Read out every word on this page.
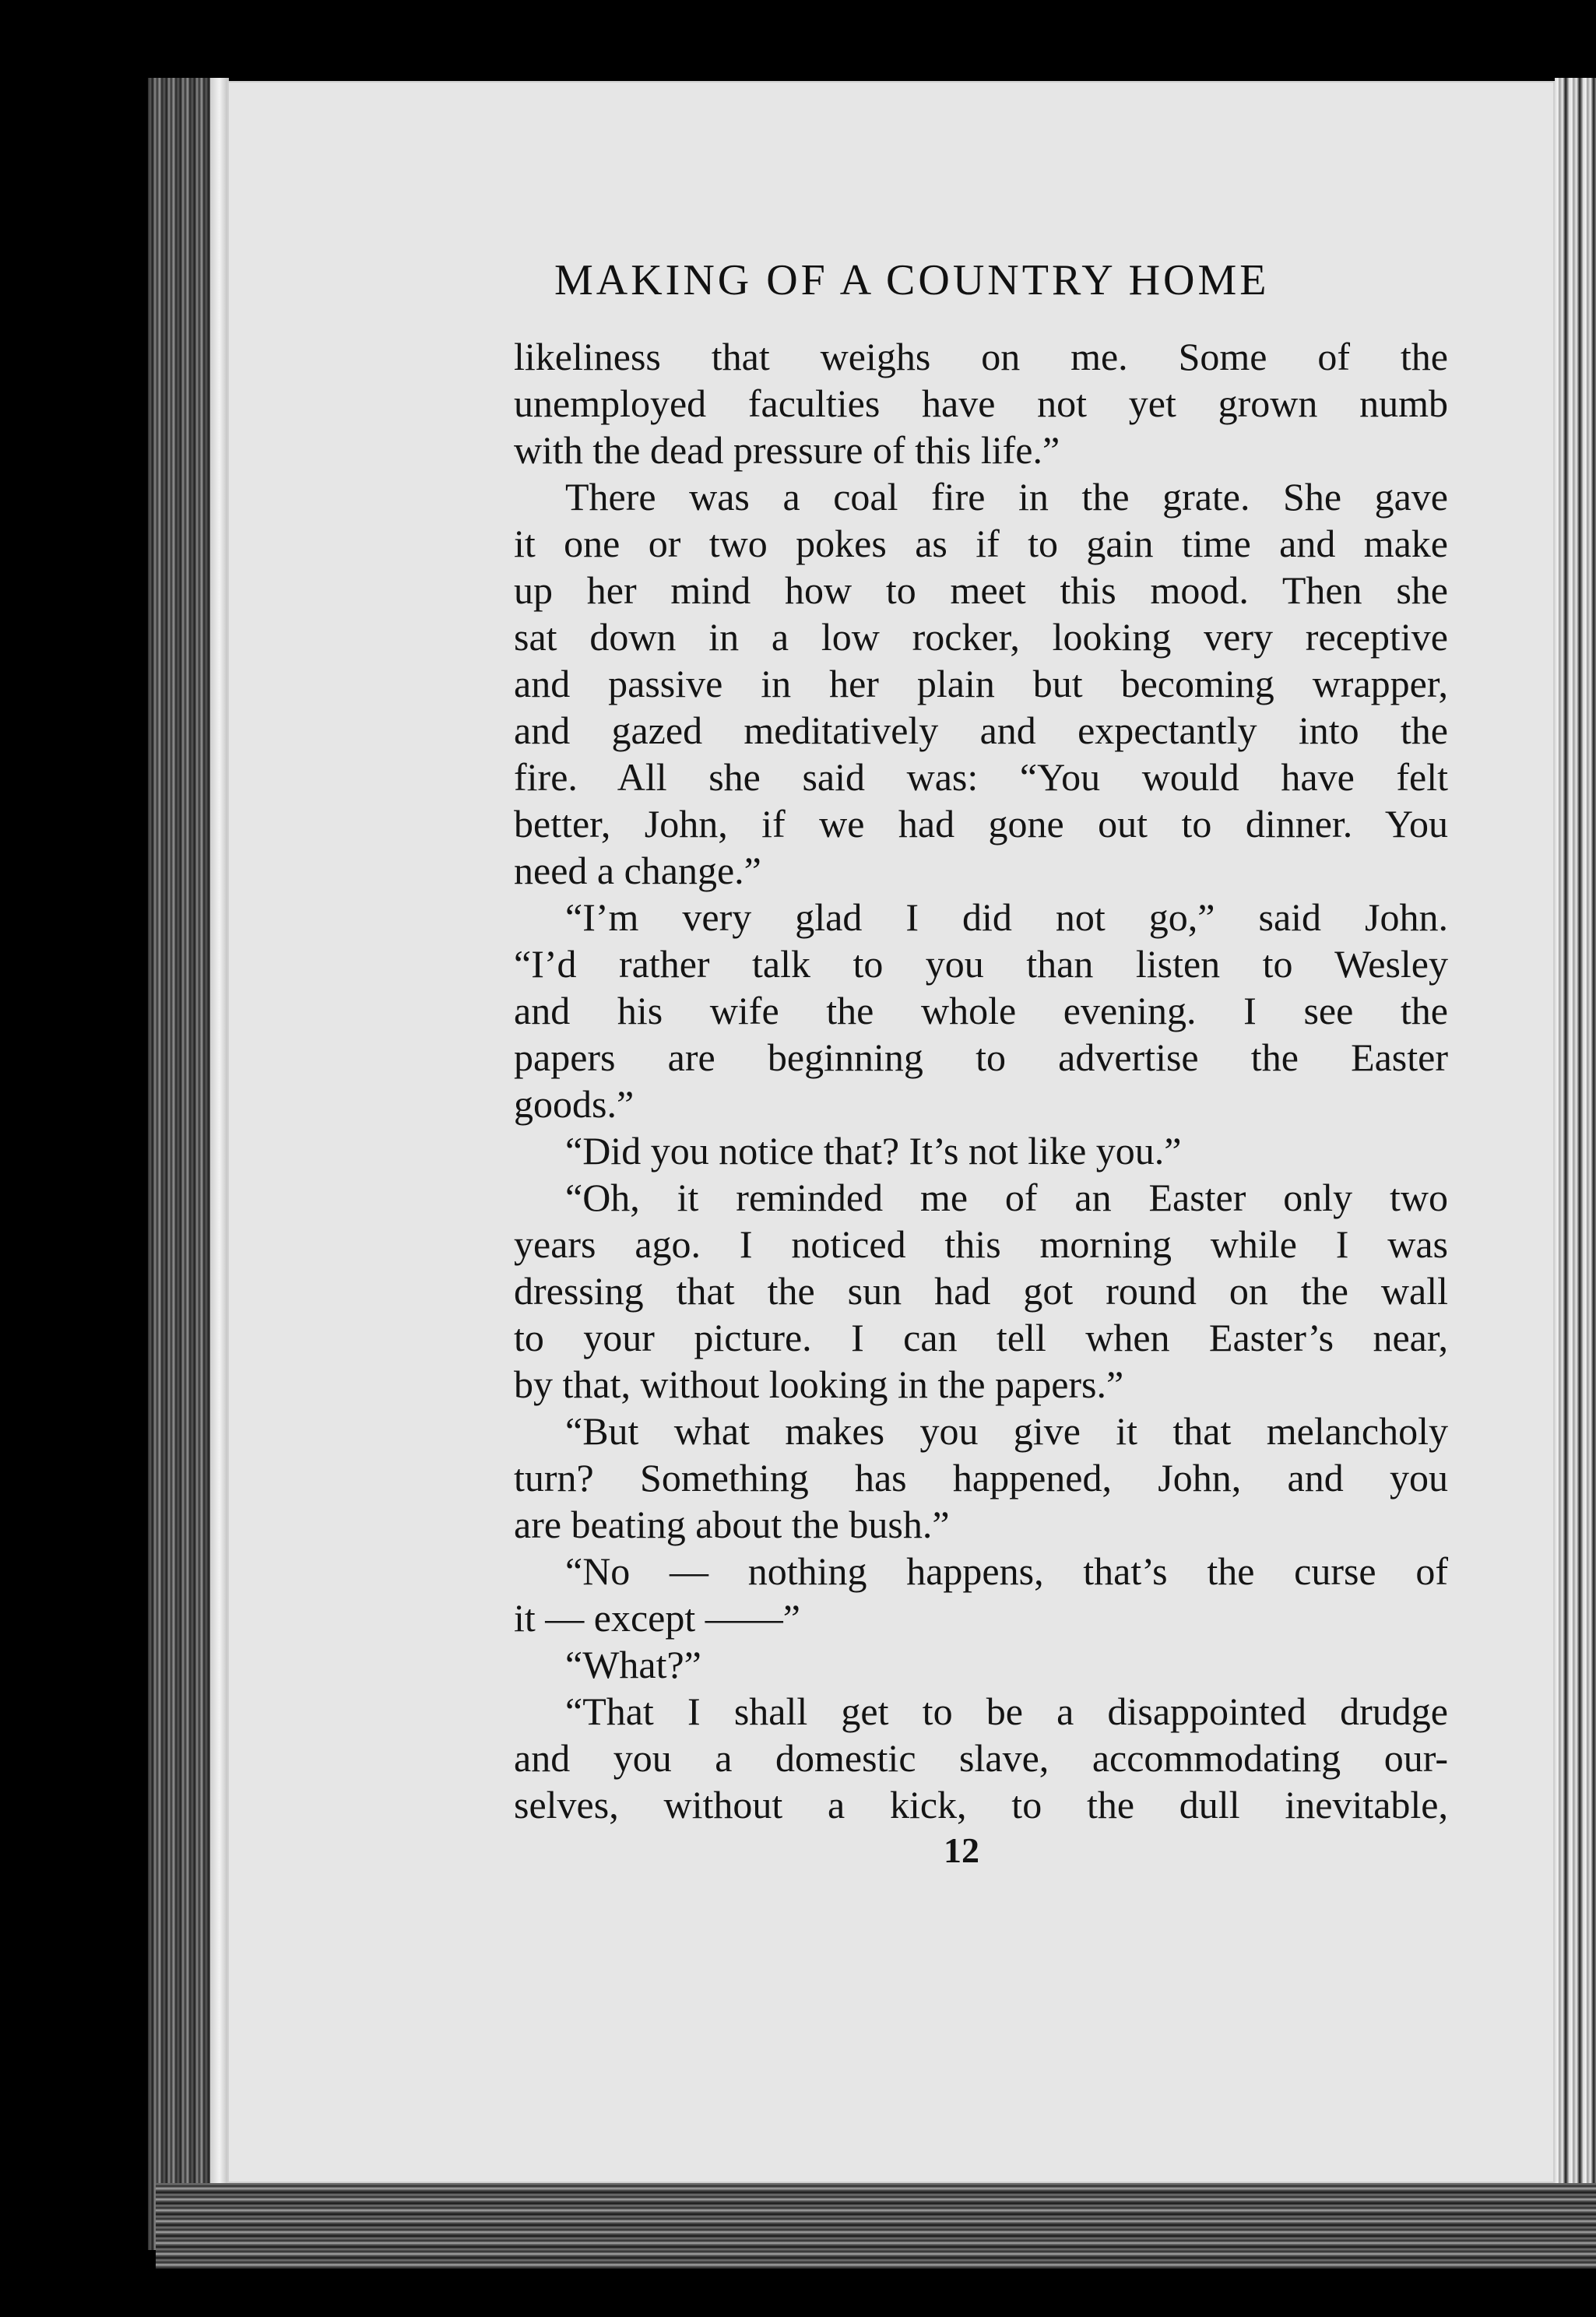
MAKING OF A COUNTRY HOME
likeliness that weighs on me. Some of the
unemployed faculties have not yet grown numb
with the dead pressure of this life.”
There was a coal fire in the grate. She gave
it one or two pokes as if to gain time and make
up her mind how to meet this mood. Then she
sat down in a low rocker, looking very receptive
and passive in her plain but becoming wrapper,
and gazed meditatively and expectantly into the
fire. All she said was: “You would have felt
better, John, if we had gone out to dinner. You
need a change.”
“I’m very glad I did not go,” said John.
“I’d rather talk to you than listen to Wesley
and his wife the whole evening. I see the
papers are beginning to advertise the Easter
goods.”
“Did you notice that? It’s not like you.”
“Oh, it reminded me of an Easter only two
years ago. I noticed this morning while I was
dressing that the sun had got round on the wall
to your picture. I can tell when Easter’s near,
by that, without looking in the papers.”
“But what makes you give it that melancholy
turn? Something has happened, John, and you
are beating about the bush.”
“No — nothing happens, that’s the curse of
it — except ——”
“What?”
“That I shall get to be a disappointed drudge
and you a domestic slave, accommodating our-
selves, without a kick, to the dull inevitable,
12
